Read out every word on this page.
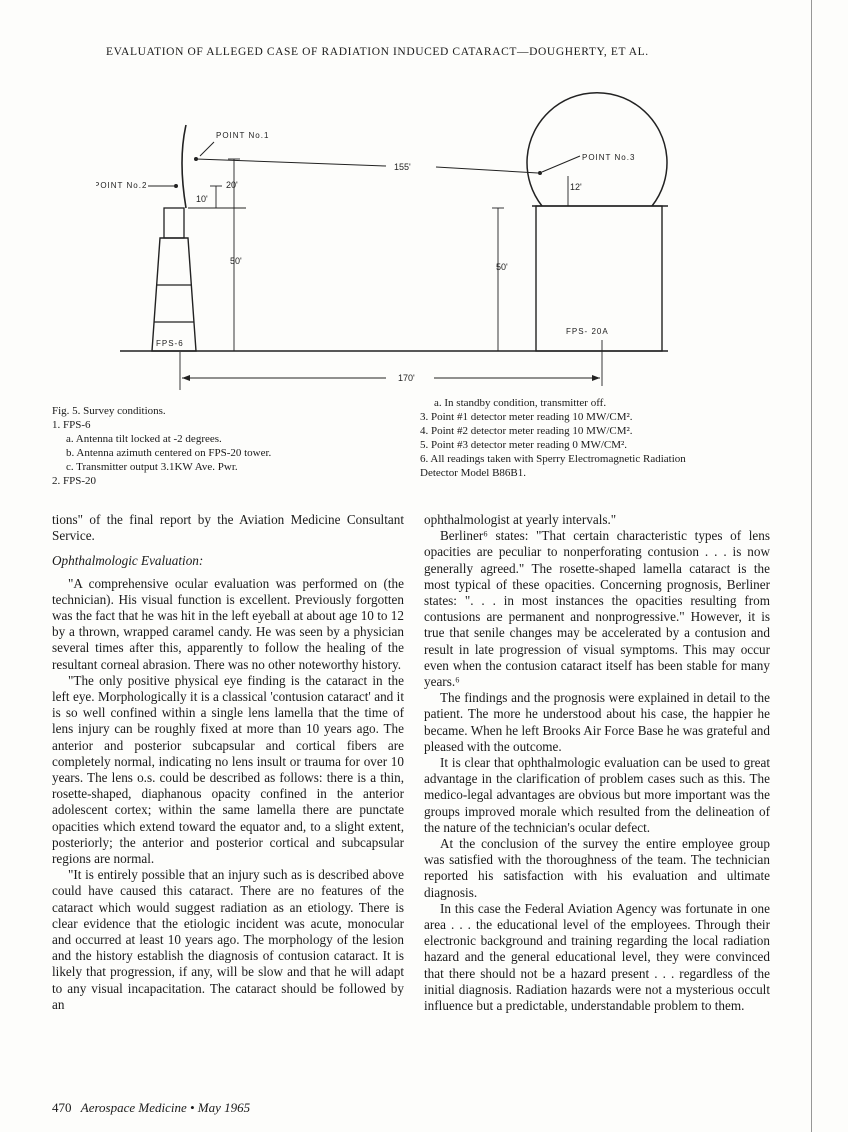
EVALUATION OF ALLEGED CASE OF RADIATION INDUCED CATARACT—DOUGHERTY, ET AL.
POINT No.1
POINT No.2
POINT No.3
155'
20'
10'
50'
50'
12'
FPS-6
FPS- 20A
170'
Fig. 5. Survey conditions.
1. FPS-6
a. Antenna tilt locked at -2 degrees.
b. Antenna azimuth centered on FPS-20 tower.
c. Transmitter output 3.1KW Ave. Pwr.
2. FPS-20
a. In standby condition, transmitter off.
3. Point #1 detector meter reading 10 MW/CM².
4. Point #2 detector meter reading 10 MW/CM².
5. Point #3 detector meter reading 0 MW/CM².
6. All readings taken with Sperry Electromagnetic Radiation
Detector Model B86B1.

tions" of the final report by the Aviation Medicine Consultant Service.

Ophthalmologic Evaluation:

"A comprehensive ocular evaluation was performed on (the technician). His visual function is excellent. Previously forgotten was the fact that he was hit in the left eyeball at about age 10 to 12 by a thrown, wrapped caramel candy. He was seen by a physician several times after this, apparently to follow the healing of the resultant corneal abrasion. There was no other noteworthy history.

"The only positive physical eye finding is the cataract in the left eye. Morphologically it is a classical 'contusion cataract' and it is so well confined within a single lens lamella that the time of lens injury can be roughly fixed at more than 10 years ago. The anterior and posterior subcapsular and cortical fibers are completely normal, indicating no lens insult or trauma for over 10 years. The lens o.s. could be described as follows: there is a thin, rosette-shaped, diaphanous opacity confined in the anterior adolescent cortex; within the same lamella there are punctate opacities which extend toward the equator and, to a slight extent, posteriorly; the anterior and posterior cortical and subcapsular regions are normal.

"It is entirely possible that an injury such as is described above could have caused this cataract. There are no features of the cataract which would suggest radiation as an etiology. There is clear evidence that the etiologic incident was acute, monocular and occurred at least 10 years ago. The morphology of the lesion and the history establish the diagnosis of contusion cataract. It is likely that progression, if any, will be slow and that he will adapt to any visual incapacitation. The cataract should be followed by an

ophthalmologist at yearly intervals."

Berliner⁶ states: "That certain characteristic types of lens opacities are peculiar to nonperforating contusion . . . is now generally agreed." The rosette-shaped lamella cataract is the most typical of these opacities. Concerning prognosis, Berliner states: ". . . in most instances the opacities resulting from contusions are permanent and nonprogressive." However, it is true that senile changes may be accelerated by a contusion and result in late progression of visual symptoms. This may occur even when the contusion cataract itself has been stable for many years.⁶

The findings and the prognosis were explained in detail to the patient. The more he understood about his case, the happier he became. When he left Brooks Air Force Base he was grateful and pleased with the outcome.

It is clear that ophthalmologic evaluation can be used to great advantage in the clarification of problem cases such as this. The medico-legal advantages are obvious but more important was the groups improved morale which resulted from the delineation of the nature of the technician's ocular defect.

At the conclusion of the survey the entire employee group was satisfied with the thoroughness of the team. The technician reported his satisfaction with his evaluation and ultimate diagnosis.

In this case the Federal Aviation Agency was fortunate in one area . . . the educational level of the employees. Through their electronic background and training regarding the local radiation hazard and the general educational level, they were convinced that there should not be a hazard present . . . regardless of the initial diagnosis. Radiation hazards were not a mysterious occult influence but a predictable, understandable problem to them.

470 Aerospace Medicine • May 1965
